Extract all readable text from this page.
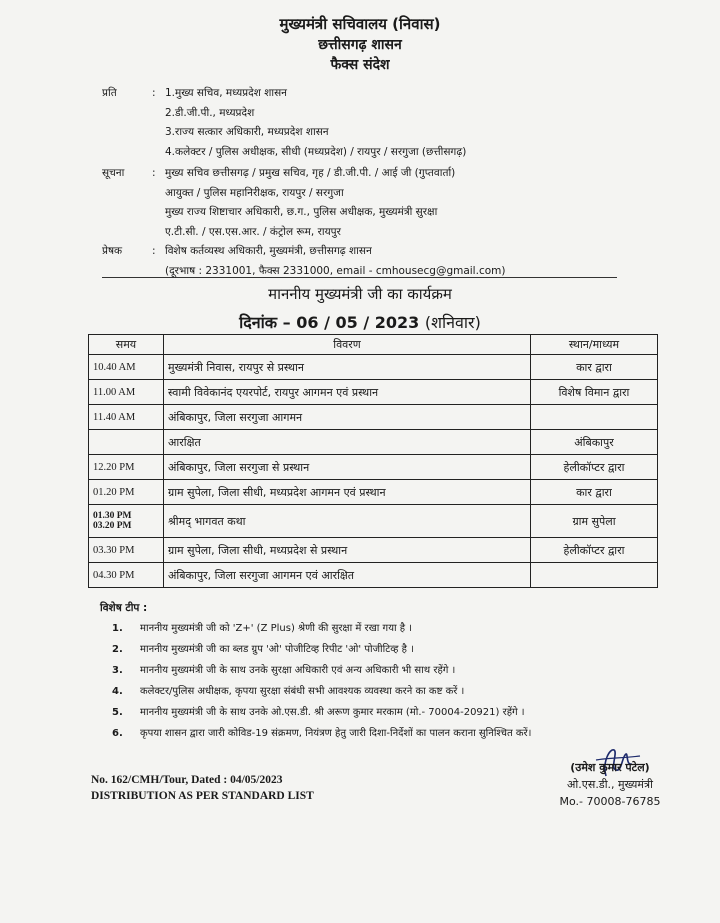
मुख्यमंत्री सचिवालय (निवास)
छत्तीसगढ़ शासन
फैक्स संदेश
प्रति	: 1.मुख्य सचिव, मध्यप्रदेश शासन
2.डी.जी.पी., मध्यप्रदेश
3.राज्य सत्कार अधिकारी, मध्यप्रदेश शासन
4.कलेक्टर / पुलिस अधीक्षक, सीधी (मध्यप्रदेश) / रायपुर / सरगुजा (छत्तीसगढ़)
सूचना	: मुख्य सचिव छत्तीसगढ़ / प्रमुख सचिव, गृह / डी.जी.पी. / आई जी (गुप्तवार्ता)
आयुक्त / पुलिस महानिरीक्षक, रायपुर / सरगुजा
मुख्य राज्य शिष्टाचार अधिकारी, छ.ग., पुलिस अधीक्षक, मुख्यमंत्री सुरक्षा
ए.टी.सी. / एस.एस.आर. / कंट्रोल रूम, रायपुर
प्रेषक	: विशेष कर्तव्यस्थ अधिकारी, मुख्यमंत्री, छत्तीसगढ़ शासन
(दूरभाष : 2331001, फैक्स 2331000, email - cmhousecg@gmail.com)
माननीय मुख्यमंत्री जी का कार्यक्रम
दिनांक – 06 / 05 / 2023 (शनिवार)
समय	विवरण	स्थान/माध्यम
10.40 AM	मुख्यमंत्री निवास, रायपुर से प्रस्थान	कार द्वारा
11.00 AM	स्वामी विवेकानंद एयरपोर्ट, रायपुर आगमन एवं प्रस्थान	विशेष विमान द्वारा
11.40 AM	अंबिकापुर, जिला सरगुजा आगमन	
	आरक्षित	अंबिकापुर
12.20 PM	अंबिकापुर, जिला सरगुजा से प्रस्थान	हेलीकॉप्टर द्वारा
01.20 PM	ग्राम सुपेला, जिला सीधी, मध्यप्रदेश आगमन एवं प्रस्थान	कार द्वारा

01.30 PM
03.20 PM	श्रीमद् भागवत कथा	ग्राम सुपेला
03.30 PM	ग्राम सुपेला, जिला सीधी, मध्यप्रदेश से प्रस्थान	हेलीकॉप्टर द्वारा
04.30 PM	अंबिकापुर, जिला सरगुजा आगमन एवं आरक्षित	
विशेष टीप :
1. माननीय मुख्यमंत्री जी को 'Z+' (Z Plus) श्रेणी की सुरक्षा में रखा गया है ।
2. माननीय मुख्यमंत्री जी का ब्लड ग्रुप 'ओ' पोजीटिव्ह रिपीट 'ओ' पोजीटिव्ह है ।
3. माननीय मुख्यमंत्री जी के साथ उनके सुरक्षा अधिकारी एवं अन्य अधिकारी भी साथ रहेंगे ।
4. कलेक्टर/पुलिस अधीक्षक, कृपया सुरक्षा संबंधी सभी आवश्यक व्यवस्था करने का कष्ट करें ।
5. माननीय मुख्यमंत्री जी के साथ उनके ओ.एस.डी. श्री अरूण कुमार मरकाम (मो.- 70004-20921) रहेंगे ।
6. कृपया शासन द्वारा जारी कोविड-19 संक्रमण, नियंत्रण हेतु जारी दिशा-निर्देशों का पालन कराना सुनिश्चित करें।
No. 162/CMH/Tour, Dated : 04/05/2023
DISTRIBUTION AS PER STANDARD LIST
(उमेश कुमार पटेल)
ओ.एस.डी., मुख्यमंत्री
Mo.- 70008-76785
